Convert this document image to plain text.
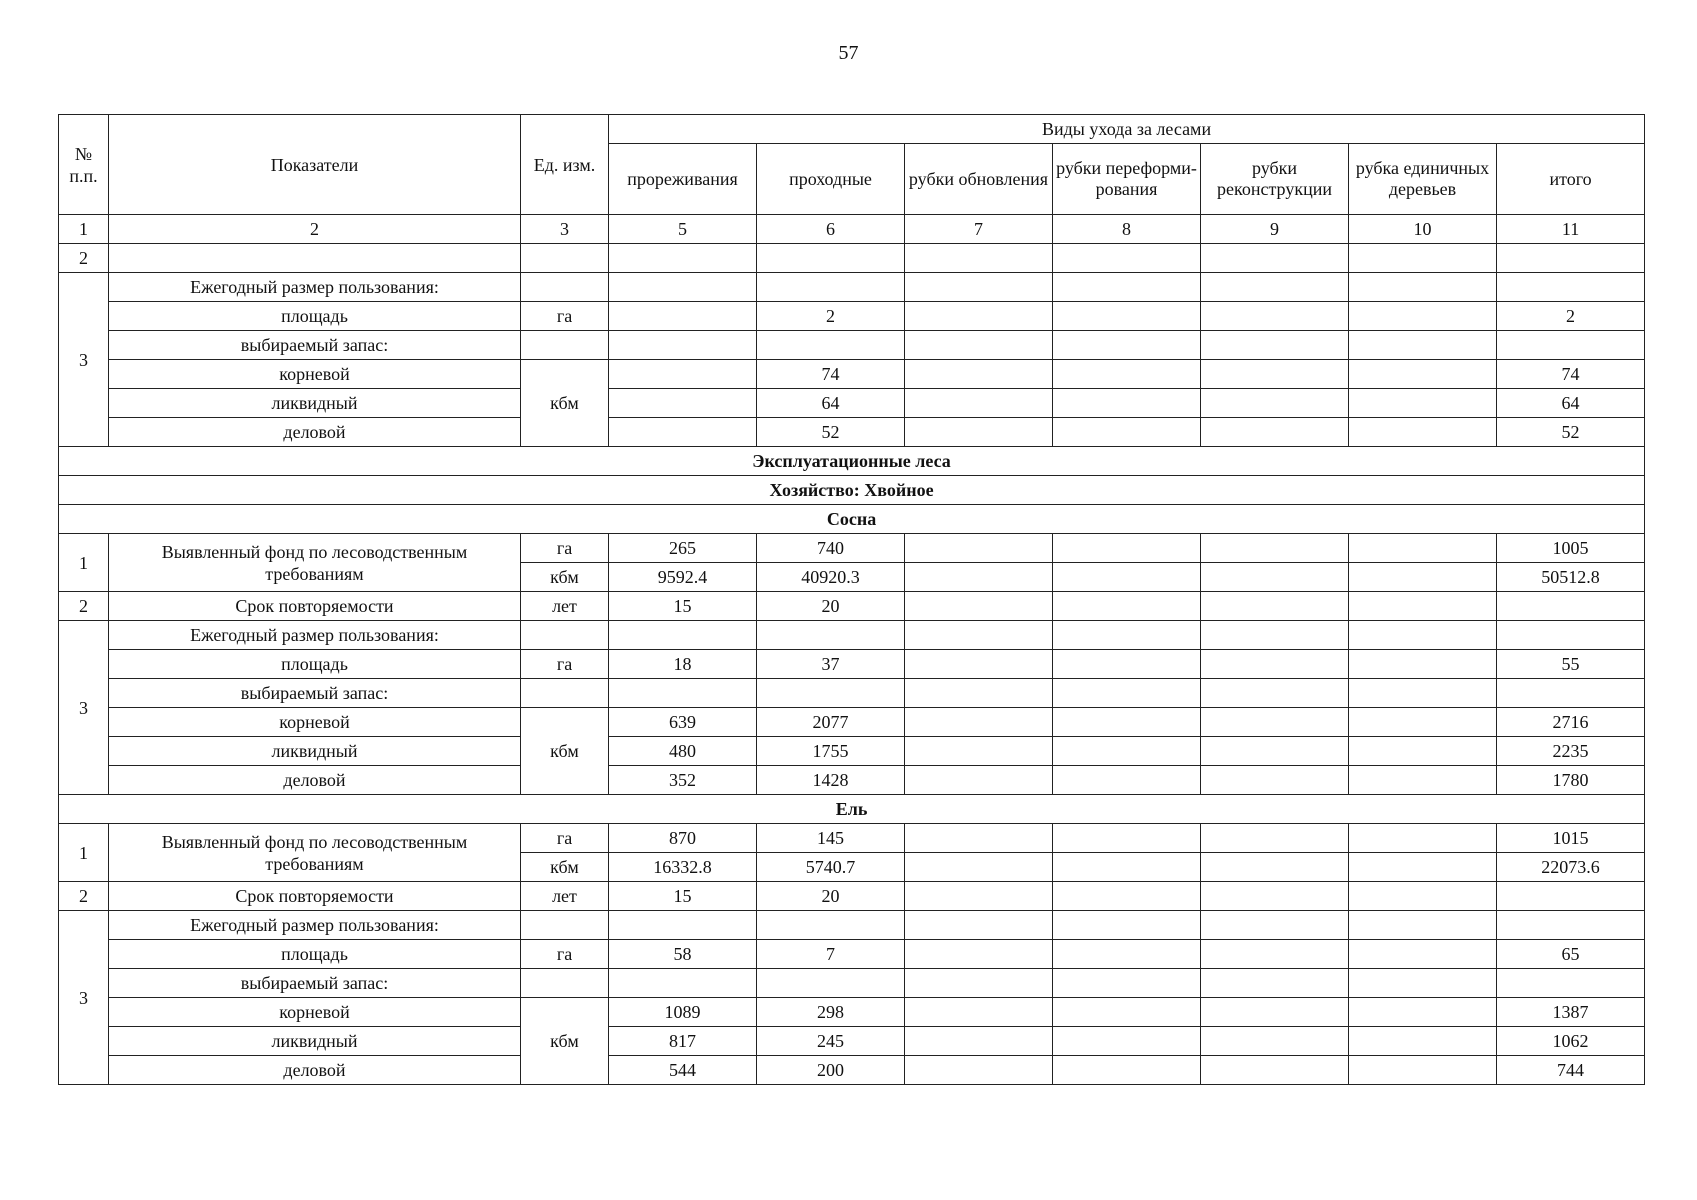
57
№ п.п.	Показатели	Ед. изм.	Виды ухода за лесами						
			прореживания	проходные	рубки обновления	рубки переформи-рования	рубки реконструкции	рубка единичных деревьев	итого
1	2	3	5	6	7	8	9	10	11
2									
3	Ежегодный размер пользования:								
	площадь	га		2					2
	выбираемый запас:								
	корневой	кбм		74					74
	ликвидный			64					64
	деловой			52					52
Эксплуатационные леса									
Хозяйство: Хвойное									
Сосна									
1	Выявленный фонд по лесоводственным требованиям	га	265	740					1005
		кбм	9592.4	40920.3					50512.8
2	Срок повторяемости	лет	15	20					
3	Ежегодный размер пользования:								
	площадь	га	18	37					55
	выбираемый запас:								
	корневой	кбм	639	2077					2716
	ликвидный		480	1755					2235
	деловой		352	1428					1780
Ель									
1	Выявленный фонд по лесоводственным требованиям	га	870	145					1015
		кбм	16332.8	5740.7					22073.6
2	Срок повторяемости	лет	15	20					
3	Ежегодный размер пользования:								
	площадь	га	58	7					65
	выбираемый запас:								
	корневой	кбм	1089	298					1387
	ликвидный		817	245					1062
	деловой		544	200					744
